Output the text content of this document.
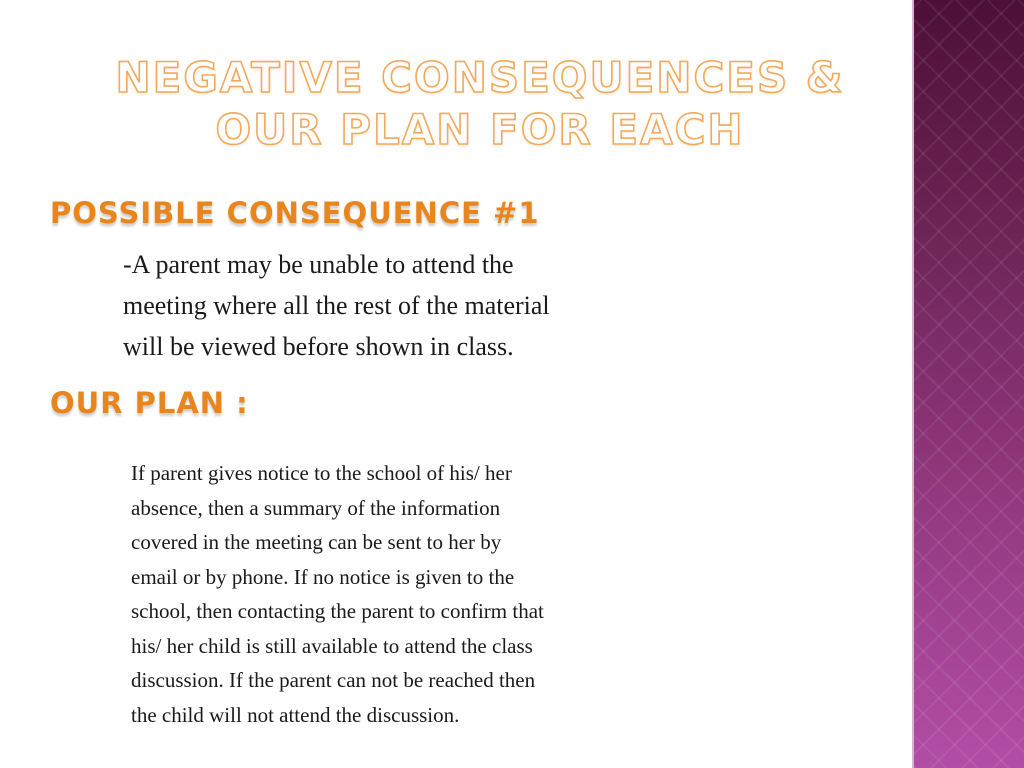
NEGATIVE CONSEQUENCES &
OUR PLAN FOR EACH
POSSIBLE CONSEQUENCE #1
-A parent may be unable to attend the
meeting where all the rest of the material
will be viewed before shown in class.
OUR PLAN :
If parent gives notice to the school of his/ her
absence, then a summary of the information
covered in the meeting can be sent to her by
email or by phone. If no notice is given to the
school, then contacting the parent to confirm that
his/ her child is still available to attend the class
discussion. If the parent can not be reached then
the child will not attend the discussion.
